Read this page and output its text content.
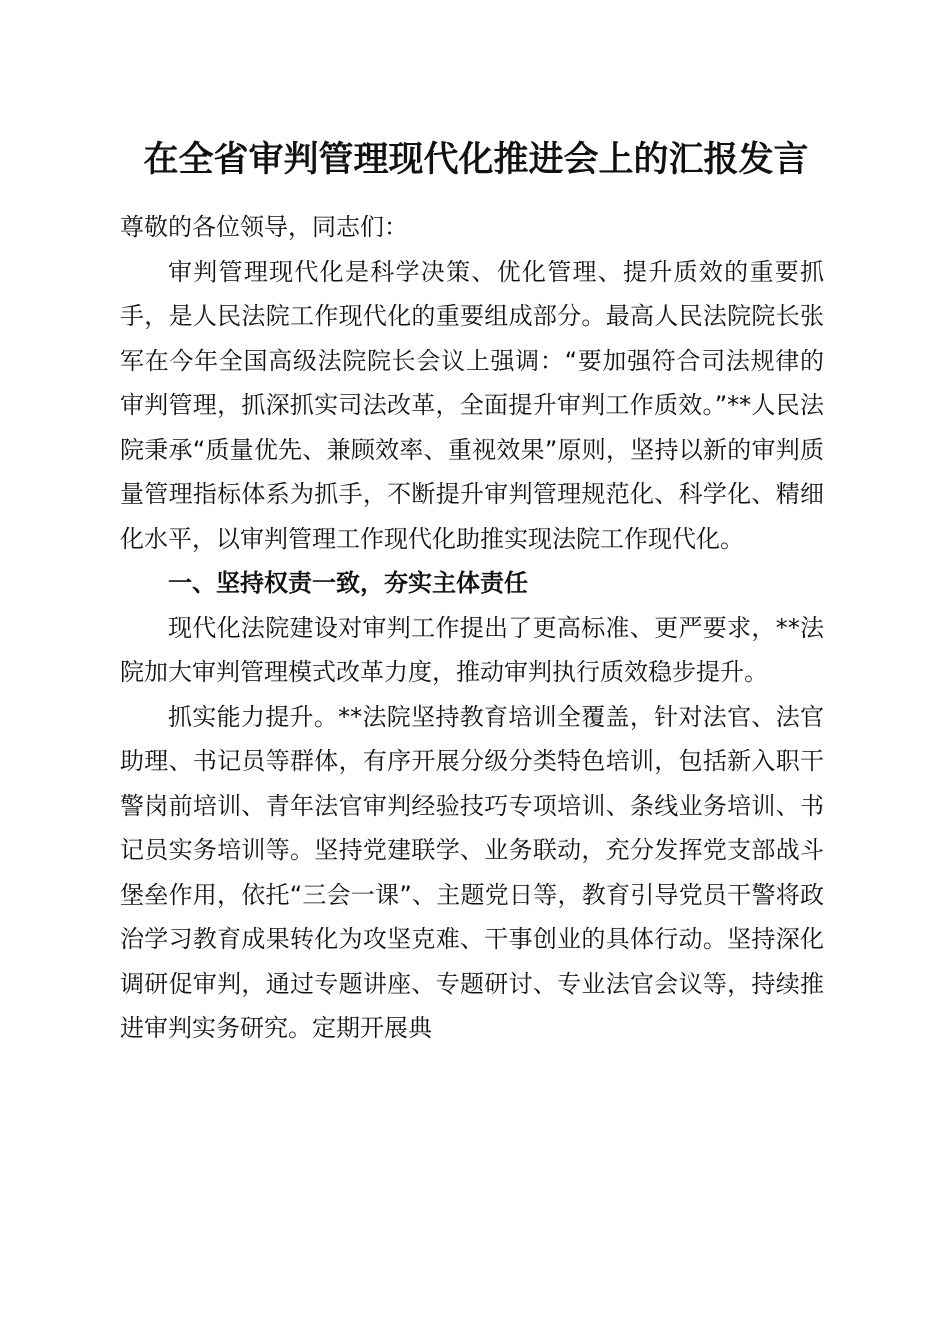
在全省审判管理现代化推进会上的汇报发言

尊敬的各位领导，同志们：

审判管理现代化是科学决策、优化管理、提升质效的重要抓手，是人民法院工作现代化的重要组成部分。最高人民法院院长张军在今年全国高级法院院长会议上强调：“要加强符合司法规律的审判管理，抓深抓实司法改革，全面提升审判工作质效。”**人民法院秉承“质量优先、兼顾效率、重视效果”原则，坚持以新的审判质量管理指标体系为抓手，不断提升审判管理规范化、科学化、精细化水平，以审判管理工作现代化助推实现法院工作现代化。

一、坚持权责一致，夯实主体责任

现代化法院建设对审判工作提出了更高标准、更严要求，**法院加大审判管理模式改革力度，推动审判执行质效稳步提升。

抓实能力提升。**法院坚持教育培训全覆盖，针对法官、法官助理、书记员等群体，有序开展分级分类特色培训，包括新入职干警岗前培训、青年法官审判经验技巧专项培训、条线业务培训、书记员实务培训等。坚持党建联学、业务联动，充分发挥党支部战斗堡垒作用，依托“三会一课”、主题党日等，教育引导党员干警将政治学习教育成果转化为攻坚克难、干事创业的具体行动。坚持深化调研促审判，通过专题讲座、专题研讨、专业法官会议等，持续推进审判实务研究。定期开展典
